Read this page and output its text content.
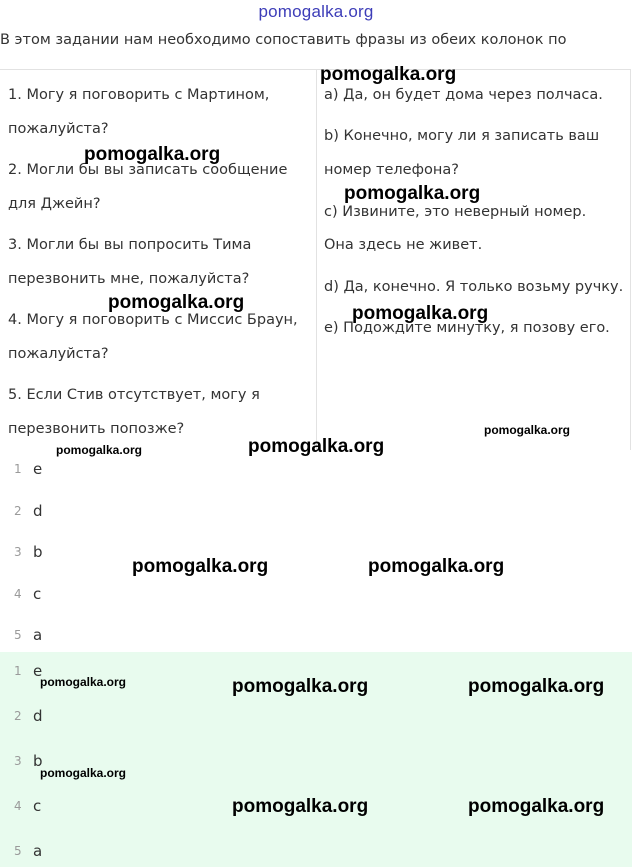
pomogalka.org
В этом задании нам необходимо сопоставить фразы из обеих колонок по
1. Могу я поговорить с Мартином,
пожалуйста?
2. Могли бы вы записать сообщение
для Джейн?
3. Могли бы вы попросить Тима
перезвонить мне, пожалуйста?
4. Могу я поговорить с Миссис Браун,
пожалуйста?
5. Если Стив отсутствует, могу я
перезвонить попозже?
a) Да, он будет дома через полчаса.
b) Конечно, могу ли я записать ваш
номер телефона?
c) Извините, это неверный номер.
Она здесь не живет.
d) Да, конечно. Я только возьму ручку.
e) Подождите минутку, я позову его.
1 e
2 d
3 b
4 c
5 a
1 e
2 d
3 b
4 c
5 a
pomogalka.org
pomogalka.org
pomogalka.org
pomogalka.org
pomogalka.org
pomogalka.org
pomogalka.org
pomogalka.org
pomogalka.org	pomogalka.org
pomogalka.org	pomogalka.org	pomogalka.org
pomogalka.org
pomogalka.org	pomogalka.org
